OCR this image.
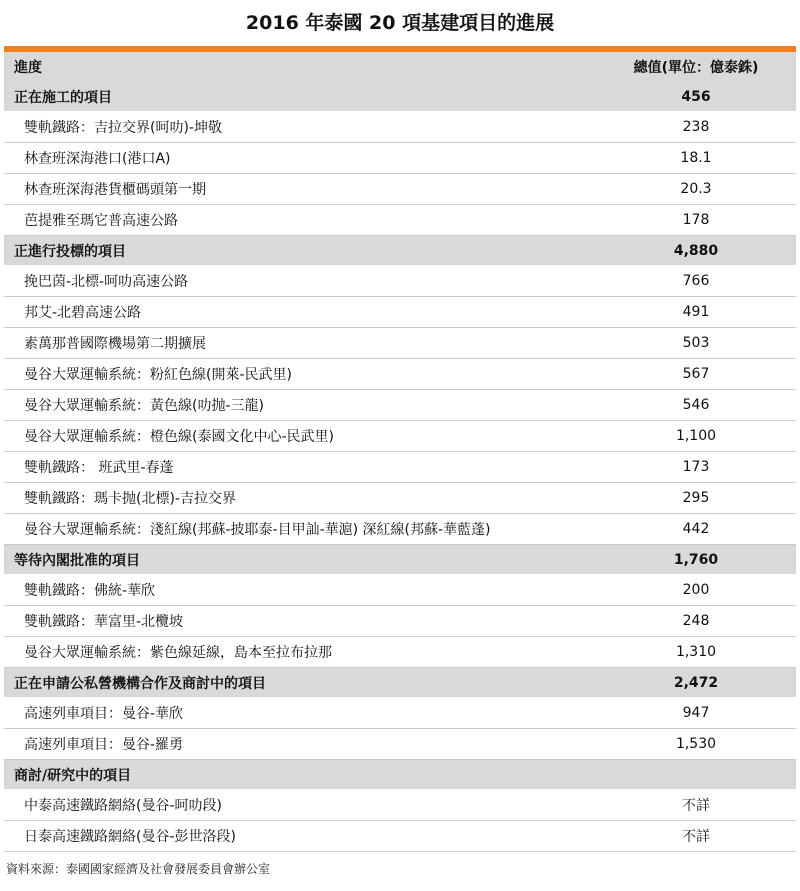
2016 年泰國 20 項基建項目的進展
進度	總值(單位：億泰銖)
正在施工的項目	456
雙軌鐵路：吉拉交界(呵叻)-坤敬	238
林查班深海港口(港口A)	18.1
林查班深海港貨櫃碼頭第一期	20.3
芭提雅至瑪它普高速公路	178
正進行投標的項目	4,880
挽巴茵-北標-呵叻高速公路	766
邦艾-北碧高速公路	491
素萬那普國際機場第二期擴展	503
曼谷大眾運輸系統：粉紅色線(開萊-民武里)	567
曼谷大眾運輸系統：黃色線(叻抛-三龍)	546
曼谷大眾運輸系統：橙色線(泰國文化中心-民武里)	1,100
雙軌鐵路： 班武里-春蓬	173
雙軌鐵路：瑪卡抛(北標)-吉拉交界	295
曼谷大眾運輸系統：淺紅線(邦蘇-披耶泰-目甲訕-華滬) 深紅線(邦蘇-華藍蓬)	442
等待內閣批准的項目	1,760
雙軌鐵路：佛統-華欣	200
雙軌鐵路：華富里-北欖坡	248
曼谷大眾運輸系統：紫色線延線，島本至拉布拉那	1,310
正在申請公私營機構合作及商討中的項目	2,472
高速列車項目：曼谷-華欣	947
高速列車項目：曼谷-羅勇	1,530
商討/研究中的項目	
中泰高速鐵路網絡(曼谷-呵叻段)	不詳
日泰高速鐵路網絡(曼谷-彭世洛段)	不詳
資料來源：泰國國家經濟及社會發展委員會辦公室
